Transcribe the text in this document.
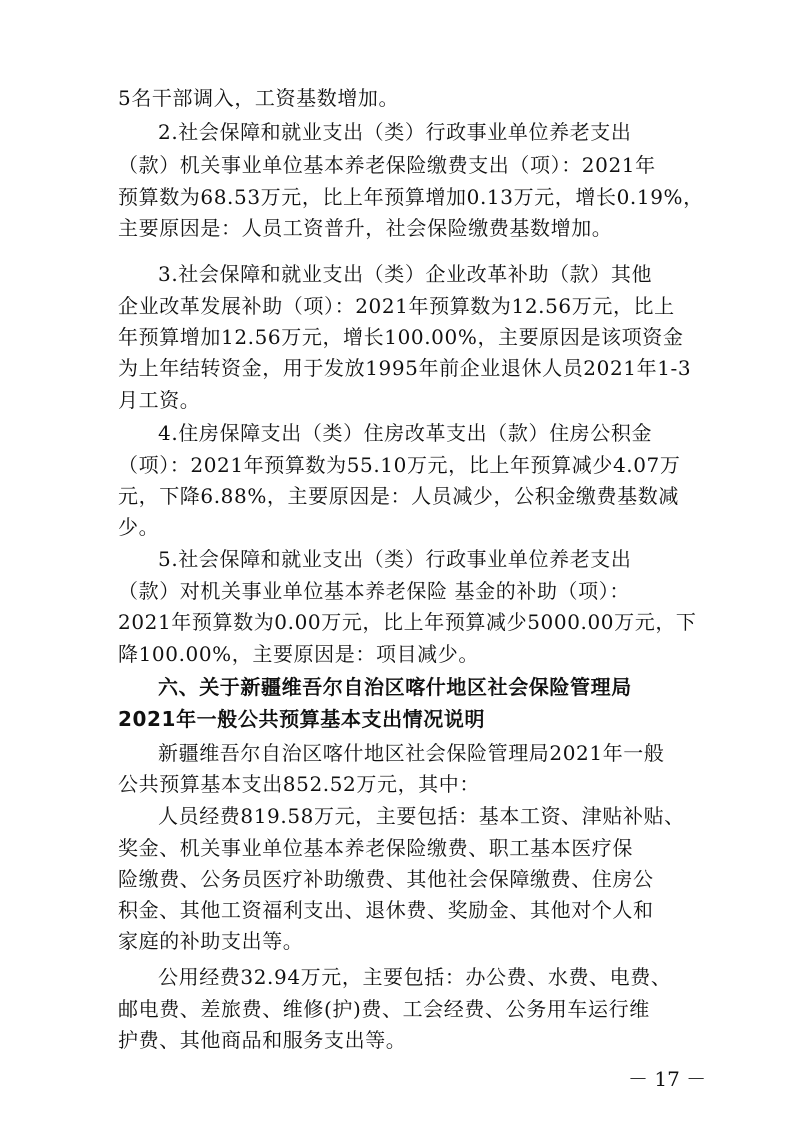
5名干部调入，工资基数增加。
2.社会保障和就业支出（类）行政事业单位养老支出
（款）机关事业单位基本养老保险缴费支出（项）：2021年
预算数为68.53万元，比上年预算增加0.13万元，增长0.19%，
主要原因是：人员工资普升，社会保险缴费基数增加。
3.社会保障和就业支出（类）企业改革补助（款）其他
企业改革发展补助（项）：2021年预算数为12.56万元，比上
年预算增加12.56万元，增长100.00%，主要原因是该项资金
为上年结转资金，用于发放1995年前企业退休人员2021年1-3
月工资。
4.住房保障支出（类）住房改革支出（款）住房公积金
（项）：2021年预算数为55.10万元，比上年预算减少4.07万
元，下降6.88%，主要原因是：人员减少，公积金缴费基数减
少。
5.社会保障和就业支出（类）行政事业单位养老支出
（款）对机关事业单位基本养老保险 基金的补助（项）：
2021年预算数为0.00万元，比上年预算减少5000.00万元，下
降100.00%，主要原因是：项目减少。
六、关于新疆维吾尔自治区喀什地区社会保险管理局
2021年一般公共预算基本支出情况说明
新疆维吾尔自治区喀什地区社会保险管理局2021年一般
公共预算基本支出852.52万元，其中：
人员经费819.58万元，主要包括：基本工资、津贴补贴、
奖金、机关事业单位基本养老保险缴费、职工基本医疗保
险缴费、公务员医疗补助缴费、其他社会保障缴费、住房公
积金、其他工资福利支出、退休费、奖励金、其他对个人和
家庭的补助支出等。
公用经费32.94万元，主要包括：办公费、水费、电费、
邮电费、差旅费、维修(护)费、工会经费、公务用车运行维
护费、其他商品和服务支出等。
－ 17 －
